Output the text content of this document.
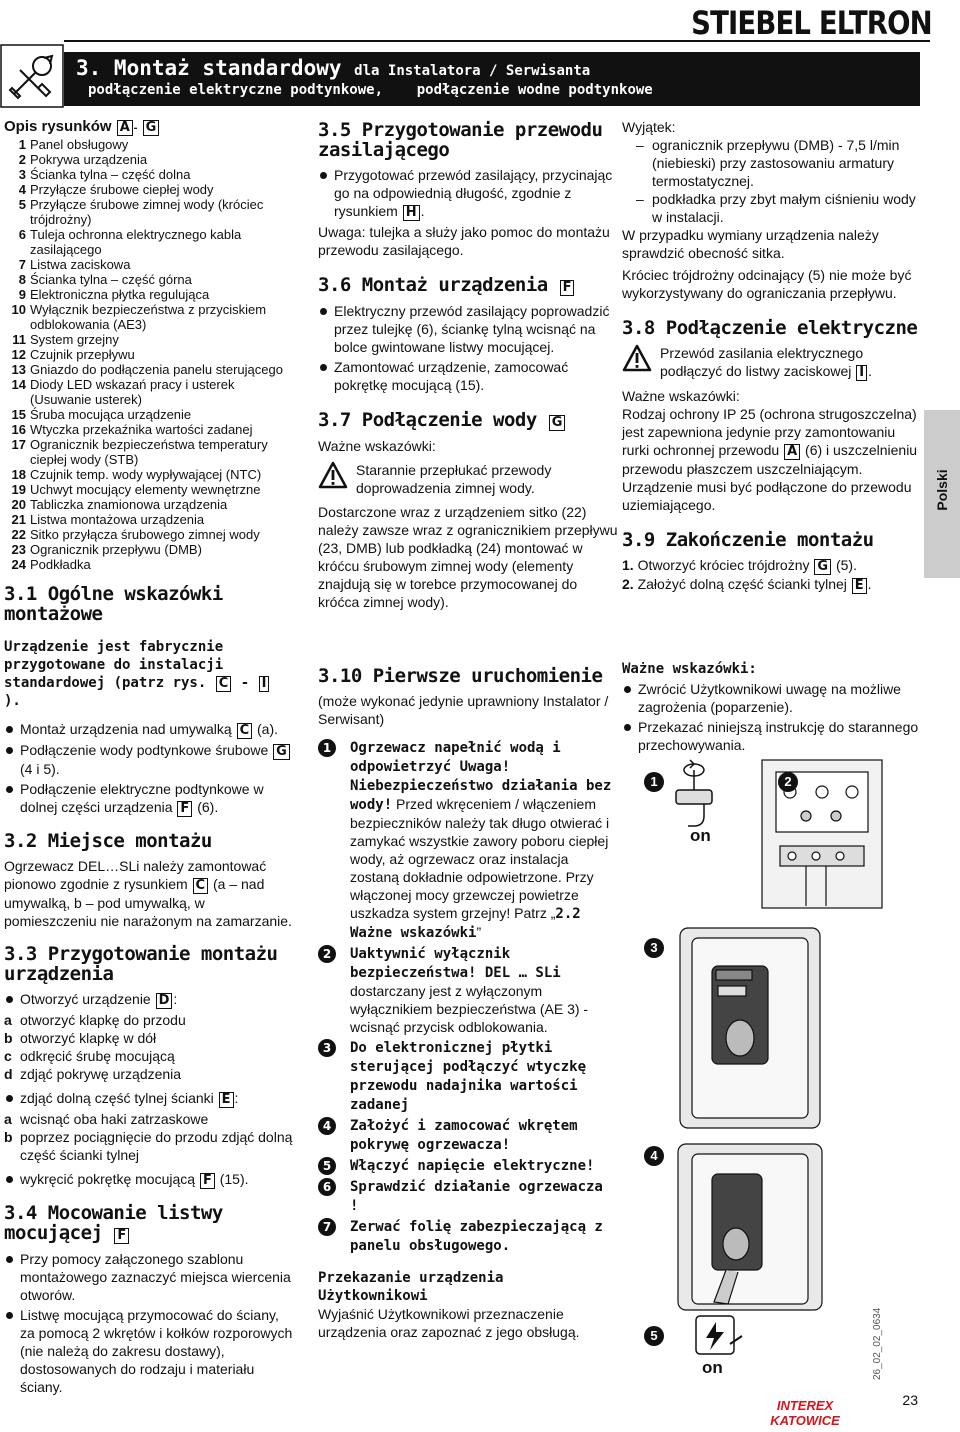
STIEBEL ELTRON
3. Montaż standardowy dla Instalatora / Serwisanta
podłączenie elektryczne podtynkowe,    podłączenie wodne podtynkowe
Opis rysunków A - G
1 Panel obsługowy
2 Pokrywa urządzenia
3 Ścianka tylna – część dolna
4 Przyłącze śrubowe ciepłej wody
5 Przyłącze śrubowe zimnej wody (króciec trójdrożny)
6 Tuleja ochronna elektrycznego kabla zasilającego
7 Listwa zaciskowa
8 Ścianka tylna – część górna
9 Elektroniczna płytka regulująca
10 Wyłącznik bezpieczeństwa z przyciskiem odblokowania (AE3)
11 System grzejny
12 Czujnik przepływu
13 Gniazdo do podłączenia panelu sterującego
14 Diody LED wskazań pracy i usterek (Usuwanie usterek)
15 Śruba mocująca urządzenie
16 Wtyczka przekaźnika wartości zadanej
17 Ogranicznik bezpieczeństwa temperatury ciepłej wody (STB)
18 Czujnik temp. wody wypływającej (NTC)
19 Uchwyt mocujący elementy wewnętrzne
20 Tabliczka znamionowa urządzenia
21 Listwa montażowa urządzenia
22 Sitko przyłącza śrubowego zimnej wody
23 Ogranicznik przepływu (DMB)
24 Podkładka
3.1 Ogólne wskazówki montażowe
Urządzenie jest fabrycznie przygotowane do instalacji standardowej (patrz rys. C - I ).
Montaż urządzenia nad umywalką C (a).
Podłączenie wody podtynkowe śrubowe G (4 i 5).
Podłączenie elektryczne podtynkowe w dolnej części urządzenia F (6).
3.2 Miejsce montażu
Ogrzewacz DEL…SLi należy zamontować pionowo zgodnie z rysunkiem C (a – nad umywalką, b – pod umywalką, w pomieszczeniu nie narażonym na zamarzanie.
3.3 Przygotowanie montażu urządzenia
Otworzyć urządzenie D :
a otworzyć klapkę do przodu
b otworzyć klapkę w dół
c odkręcić śrubę mocującą
d zdjąć pokrywę urządzenia
zdjąć dolną część tylnej ścianki E :
a wcisnąć oba haki zatrzaskowe
b poprzez pociągnięcie do przodu zdjąć dolną część ścianki tylnej
wykręcić pokrętkę mocującą F (15).
3.4 Mocowanie listwy mocującej F
Przy pomocy załączonego szablonu montażowego zaznaczyć miejsca wiercenia otworów.
Listwę mocującą przymocować do ściany, za pomocą 2 wkrętów i kołków rozporowych (nie należą do zakresu dostawy), dostosowanych do rodzaju i materiału ściany.
3.5 Przygotowanie przewodu zasilającego
Przygotować przewód zasilający, przycinając go na odpowiednią długość, zgodnie z rysunkiem H .
Uwaga: tulejka a służy jako pomoc do montażu przewodu zasilającego.
3.6 Montaż urządzenia F
Elektryczny przewód zasilający poprowadzić przez tulejkę (6), ściankę tylną wcisnąć na bolce gwintowane listwy mocującej.
Zamontować urządzenie, zamocować pokrętkę mocującą (15).
3.7 Podłączenie wody G
Ważne wskazówki:
Starannie przepłukać przewody doprowadzenia zimnej wody.
Dostarczone wraz z urządzeniem sitko (22) należy zawsze wraz z ogranicznikiem przepływu (23, DMB) lub podkładką (24) montować w króćcu śrubowym zimnej wody (elementy znajdują się w torebce przymocowanej do króćca zimnej wody).
Wyjątek:
– ogranicznik przepływu (DMB) - 7,5 l/min (niebieski) przy zastosowaniu armatury termostatycznej.
– podkładka przy zbyt małym ciśnieniu wody w instalacji.
W przypadku wymiany urządzenia należy sprawdzić obecność sitka.
Króciec trójdrożny odcinający (5) nie może być wykorzystywany do ograniczania przepływu.
3.8 Podłączenie elektryczne
Przewód zasilania elektrycznego podłączyć do listwy zaciskowej I .
Ważne wskazówki:
Rodzaj ochrony IP 25 (ochrona strugoszczelna) jest zapewniona jedynie przy zamontowaniu rurki ochronnej przewodu A (6) i uszczelnieniu przewodu płaszczem uszczelniającym.
Urządzenie musi być podłączone do przewodu uziemiającego.
3.9 Zakończenie montażu
1. Otworzyć króciec trójdrożny G (5).
2. Założyć dolną część ścianki tylnej E .
3.10 Pierwsze uruchomienie
(może wykonać jedynie uprawniony Instalator / Serwisant)
1	Ogrzewacz napełnić wodą i odpowietrzyć Uwaga! Niebezpieczeństwo działania bez wody! Przed wkręceniem / włączeniem bezpieczników należy tak długo otwierać i zamykać wszystkie zawory poboru ciepłej wody, aż ogrzewacz oraz instalacja zostaną dokładnie odpowietrzone. Przy włączonej mocy grzewczej powietrze uszkadza system grzejny! Patrz „2.2 Ważne wskazówki”
2	Uaktywnić wyłącznik bezpieczeństwa! DEL … SLi dostarczany jest z wyłączonym wyłącznikiem bezpieczeństwa (AE 3) - wcisnąć przycisk odblokowania.
3	Do elektronicznej płytki sterującej podłączyć wtyczkę przewodu nadajnika wartości zadanej
4	Założyć i zamocować wkrętem pokrywę ogrzewacza!
5	Włączyć napięcie elektryczne!
6	Sprawdzić działanie ogrzewacza !
7	Zerwać folię zabezpieczającą z panelu obsługowego.
Przekazanie urządzenia Użytkownikowi
Wyjaśnić Użytkownikowi przeznaczenie urządzenia oraz zapoznać z jego obsługą.
Ważne wskazówki:
Zwrócić Użytkownikowi uwagę na możliwe zagrożenia (poparzenie).
Przekazać niniejszą instrukcję do starannego przechowywania.
1	2
3
4
5
on
on
Polski
26_02_02_0634
INTEREX
KATOWICE
23
